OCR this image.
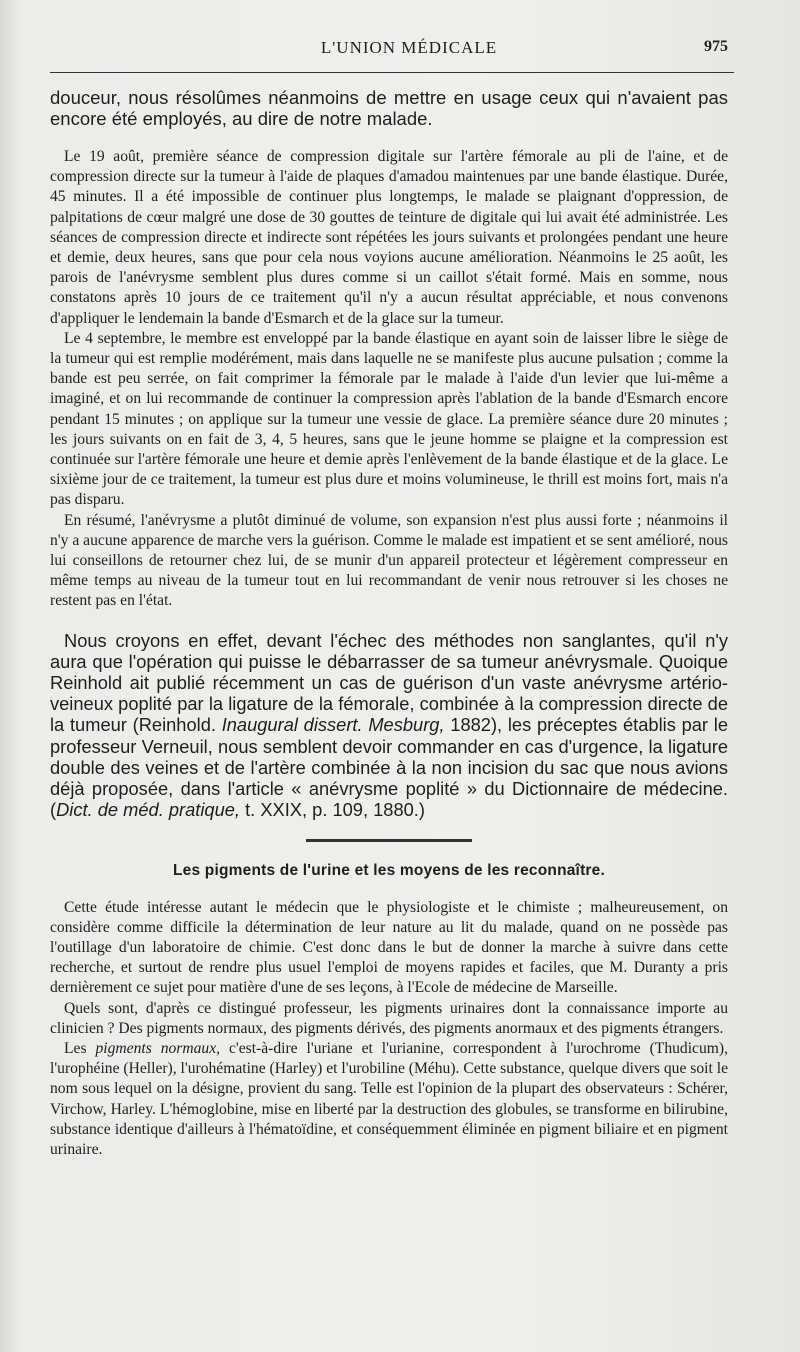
L'UNION MÉDICALE	975

douceur, nous résolûmes néanmoins de mettre en usage ceux qui n'avaient pas encore été employés, au dire de notre malade.

Le 19 août, première séance de compression digitale sur l'artère fémorale au pli de l'aine, et de compression directe sur la tumeur à l'aide de plaques d'amadou maintenues par une bande élastique. Durée, 45 minutes. Il a été impossible de continuer plus longtemps, le malade se plaignant d'oppression, de palpitations de cœur malgré une dose de 30 gouttes de teinture de digitale qui lui avait été administrée. Les séances de compression directe et indirecte sont répétées les jours suivants et prolongées pendant une heure et demie, deux heures, sans que pour cela nous voyions aucune amélioration. Néanmoins le 25 août, les parois de l'anévrysme semblent plus dures comme si un caillot s'était formé. Mais en somme, nous constatons après 10 jours de ce traitement qu'il n'y a aucun résultat appréciable, et nous convenons d'appliquer le lendemain la bande d'Esmarch et de la glace sur la tumeur.

Le 4 septembre, le membre est enveloppé par la bande élastique en ayant soin de laisser libre le siège de la tumeur qui est remplie modérément, mais dans laquelle ne se manifeste plus aucune pulsation ; comme la bande est peu serrée, on fait comprimer la fémorale par le malade à l'aide d'un levier que lui-même a imaginé, et on lui recommande de continuer la compression après l'ablation de la bande d'Esmarch encore pendant 15 minutes ; on applique sur la tumeur une vessie de glace. La première séance dure 20 minutes ; les jours suivants on en fait de 3, 4, 5 heures, sans que le jeune homme se plaigne et la compression est continuée sur l'artère fémorale une heure et demie après l'enlèvement de la bande élastique et de la glace. Le sixième jour de ce traitement, la tumeur est plus dure et moins volumineuse, le thrill est moins fort, mais n'a pas disparu.

En résumé, l'anévrysme a plutôt diminué de volume, son expansion n'est plus aussi forte ; néanmoins il n'y a aucune apparence de marche vers la guérison. Comme le malade est impatient et se sent amélioré, nous lui conseillons de retourner chez lui, de se munir d'un appareil protecteur et légèrement compresseur en même temps au niveau de la tumeur tout en lui recommandant de venir nous retrouver si les choses ne restent pas en l'état.

Nous croyons en effet, devant l'échec des méthodes non sanglantes, qu'il n'y aura que l'opération qui puisse le débarrasser de sa tumeur anévrysmale. Quoique Reinhold ait publié récemment un cas de guérison d'un vaste anévrysme artério-veineux poplité par la ligature de la fémorale, combinée à la compression directe de la tumeur (Reinhold. Inaugural dissert. Mesburg, 1882), les préceptes établis par le professeur Verneuil, nous semblent devoir commander en cas d'urgence, la ligature double des veines et de l'artère combinée à la non incision du sac que nous avions déjà proposée, dans l'article « anévrysme poplité » du Dictionnaire de médecine. (Dict. de méd. pratique, t. XXIX, p. 109, 1880.)

Les pigments de l'urine et les moyens de les reconnaître.

Cette étude intéresse autant le médecin que le physiologiste et le chimiste ; malheureusement, on considère comme difficile la détermination de leur nature au lit du malade, quand on ne possède pas l'outillage d'un laboratoire de chimie. C'est donc dans le but de donner la marche à suivre dans cette recherche, et surtout de rendre plus usuel l'emploi de moyens rapides et faciles, que M. Duranty a pris dernièrement ce sujet pour matière d'une de ses leçons, à l'Ecole de médecine de Marseille.

Quels sont, d'après ce distingué professeur, les pigments urinaires dont la connaissance importe au clinicien ? Des pigments normaux, des pigments dérivés, des pigments anormaux et des pigments étrangers.

Les pigments normaux, c'est-à-dire l'uriane et l'urianine, correspondent à l'urochrome (Thudicum), l'urophéine (Heller), l'urohématine (Harley) et l'urobiline (Méhu). Cette substance, quelque divers que soit le nom sous lequel on la désigne, provient du sang. Telle est l'opinion de la plupart des observateurs : Schérer, Virchow, Harley. L'hémoglobine, mise en liberté par la destruction des globules, se transforme en bilirubine, substance identique d'ailleurs à l'hématoïdine, et conséquemment éliminée en pigment biliaire et en pigment urinaire.
